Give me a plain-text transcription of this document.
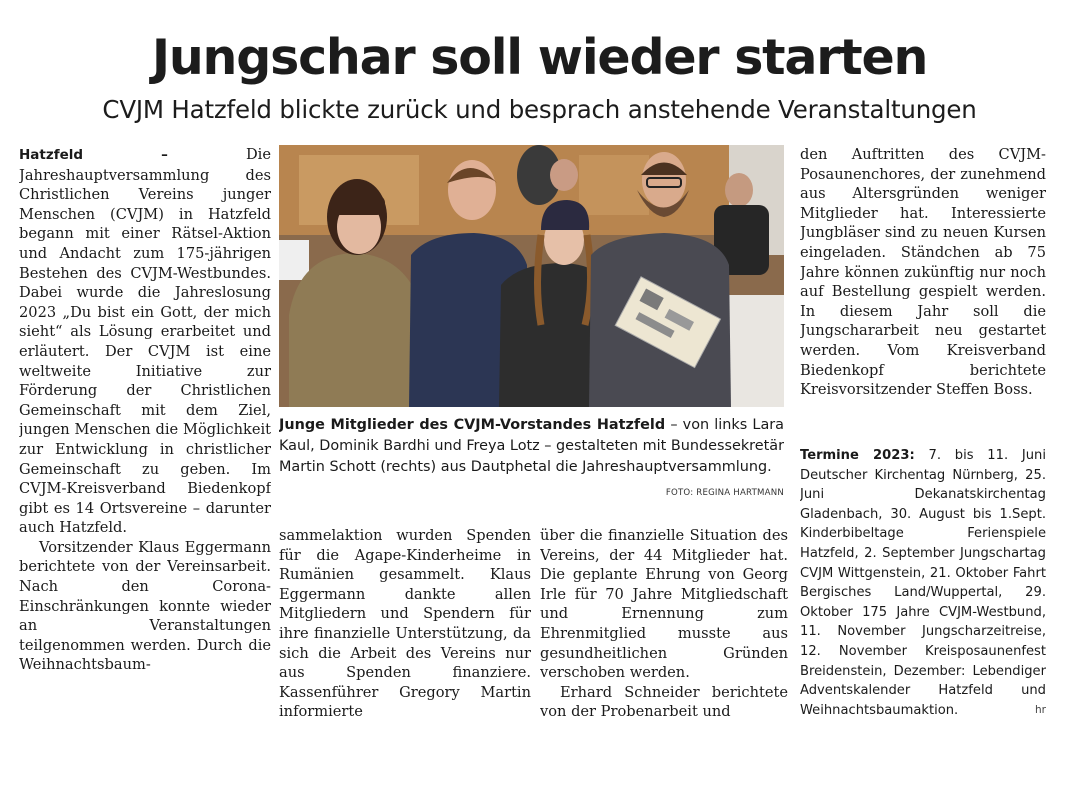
Jungschar soll wieder starten
CVJM Hatzfeld blickte zurück und besprach anstehende Veranstaltungen

Hatzfeld –	Die Jahreshauptversammlung des Christlichen Vereins junger Menschen (CVJM) in Hatzfeld begann mit einer Rätsel-Aktion und Andacht zum 175-jährigen Bestehen des CVJM-Westbundes. Dabei wurde die Jahreslosung 2023 „Du bist ein Gott, der mich sieht“ als Lösung erarbeitet und erläutert. Der CVJM ist eine weltweite Initiative zur Förderung der Christlichen Gemeinschaft mit dem Ziel, jungen Menschen die Möglichkeit zur Entwicklung in christlicher Gemeinschaft zu geben. Im CVJM-Kreisverband Biedenkopf gibt es 14 Ortsvereine – darunter auch Hatzfeld.

Vorsitzender Klaus Eggermann berichtete von der Vereinsarbeit. Nach den Corona-Einschränkungen konnte wieder an Veranstaltungen teilgenommen werden. Durch die Weihnachtsbaum-

Junge Mitglieder des CVJM-Vorstandes Hatzfeld – von links Lara Kaul, Dominik Bardhi und Freya Lotz – gestalteten mit Bundessekretär Martin Schott (rechts) aus Dautphetal die Jahreshauptversammlung.
FOTO: REGINA HARTMANN

sammelaktion wurden Spenden für die Agape-Kinderheime in Rumänien gesammelt. Klaus Eggermann dankte allen Mitgliedern und Spendern für ihre finanzielle Unterstützung, da sich die Arbeit des Vereins nur aus Spenden finanziere. Kassenführer Gregory Martin informierte

über die finanzielle Situation des Vereins, der 44 Mitglieder hat. Die geplante Ehrung von Georg Irle für 70 Jahre Mitgliedschaft und Ernennung zum Ehrenmitglied musste aus gesundheitlichen Gründen verschoben werden.

Erhard Schneider berichtete von der Probenarbeit und

den Auftritten des CVJM-Posaunenchores, der zunehmend aus Altersgründen weniger Mitglieder hat. Interessierte Jungbläser sind zu neuen Kursen eingeladen. Ständchen ab 75 Jahre können zukünftig nur noch auf Bestellung gespielt werden. In diesem Jahr soll die Jungschararbeit neu gestartet werden. Vom Kreisverband Biedenkopf berichtete Kreisvorsitzender Steffen Boss.

Termine 2023: 7. bis 11. Juni Deutscher Kirchentag Nürnberg, 25. Juni Dekanatskirchentag Gladenbach, 30. August bis 1.Sept. Kinderbibeltage Ferienspiele Hatzfeld, 2. September Jungschartag CVJM Wittgenstein, 21. Oktober Fahrt Bergisches Land/Wuppertal, 29. Oktober 175 Jahre CVJM-Westbund, 11. November Jungscharzeitreise, 12. November Kreisposaunenfest Breidenstein, Dezember: Lebendiger Adventskalender Hatzfeld und Weihnachtsbaumaktion.	hr
